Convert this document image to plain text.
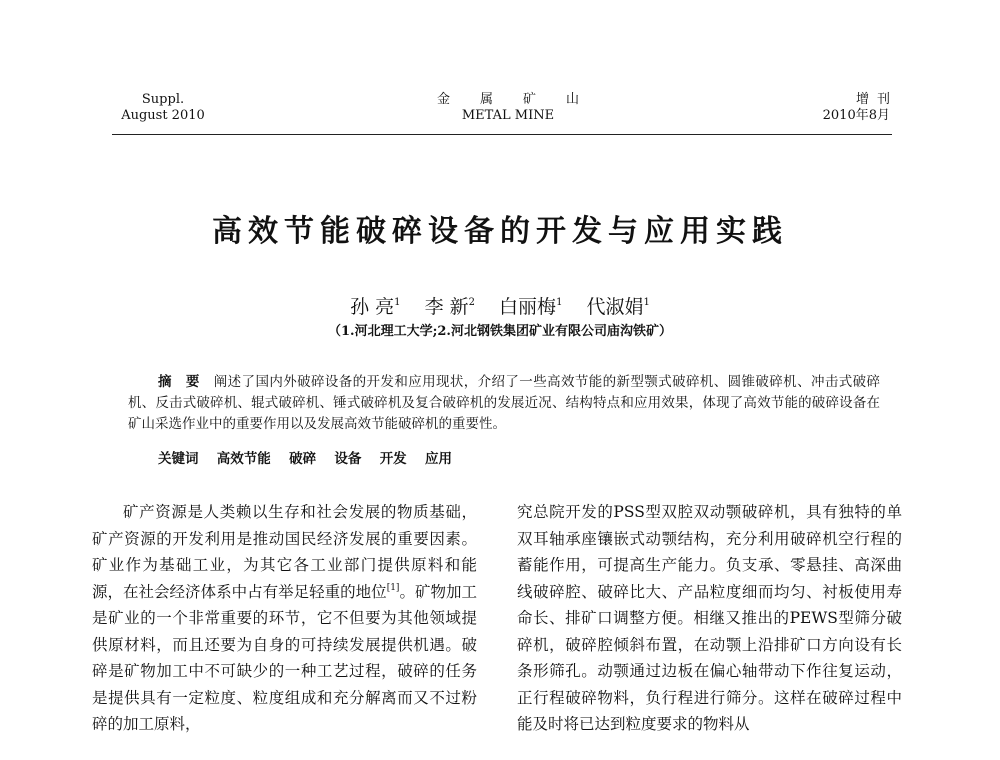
Suppl.
August 2010
金属矿山
METAL MINE
增刊
2010年8月
高效节能破碎设备的开发与应用实践
孙 亮$^1$ 李 新$^2$ 白丽梅$^1$ 代淑娟$^1$
（1.河北理工大学;2.河北钢铁集团矿业有限公司庙沟铁矿）
摘要阐述了国内外破碎设备的开发和应用现状，介绍了一些高效节能的新型颚式破碎机、圆锥破碎机、冲击式破碎机、反击式破碎机、辊式破碎机、锤式破碎机及复合破碎机的发展近况、结构特点和应用效果，体现了高效节能的破碎设备在矿山采选作业中的重要作用以及发展高效节能破碎机的重要性。
关键词 高效节能 破碎 设备 开发 应用

矿产资源是人类赖以生存和社会发展的物质基础，矿产资源的开发利用是推动国民经济发展的重要因素。矿业作为基础工业，为其它各工业部门提供原料和能源，在社会经济体系中占有举足轻重的地位[1]。矿物加工是矿业的一个非常重要的环节，它不但要为其他领域提供原材料，而且还要为自身的可持续发展提供机遇。破碎是矿物加工中不可缺少的一种工艺过程，破碎的任务是提供具有一定粒度、粒度组成和充分解离而又不过粉碎的加工原料，

究总院开发的PSS型双腔双动颚破碎机，具有独特的单双耳轴承座镶嵌式动颚结构，充分利用破碎机空行程的蓄能作用，可提高生产能力。负支承、零悬挂、高深曲线破碎腔、破碎比大、产品粒度细而均匀、衬板使用寿命长、排矿口调整方便。相继又推出的PEWS型筛分破碎机，破碎腔倾斜布置，在动颚上沿排矿口方向设有长条形筛孔。动颚通过边板在偏心轴带动下作往复运动，正行程破碎物料，负行程进行筛分。这样在破碎过程中能及时将已达到粒度要求的物料从
